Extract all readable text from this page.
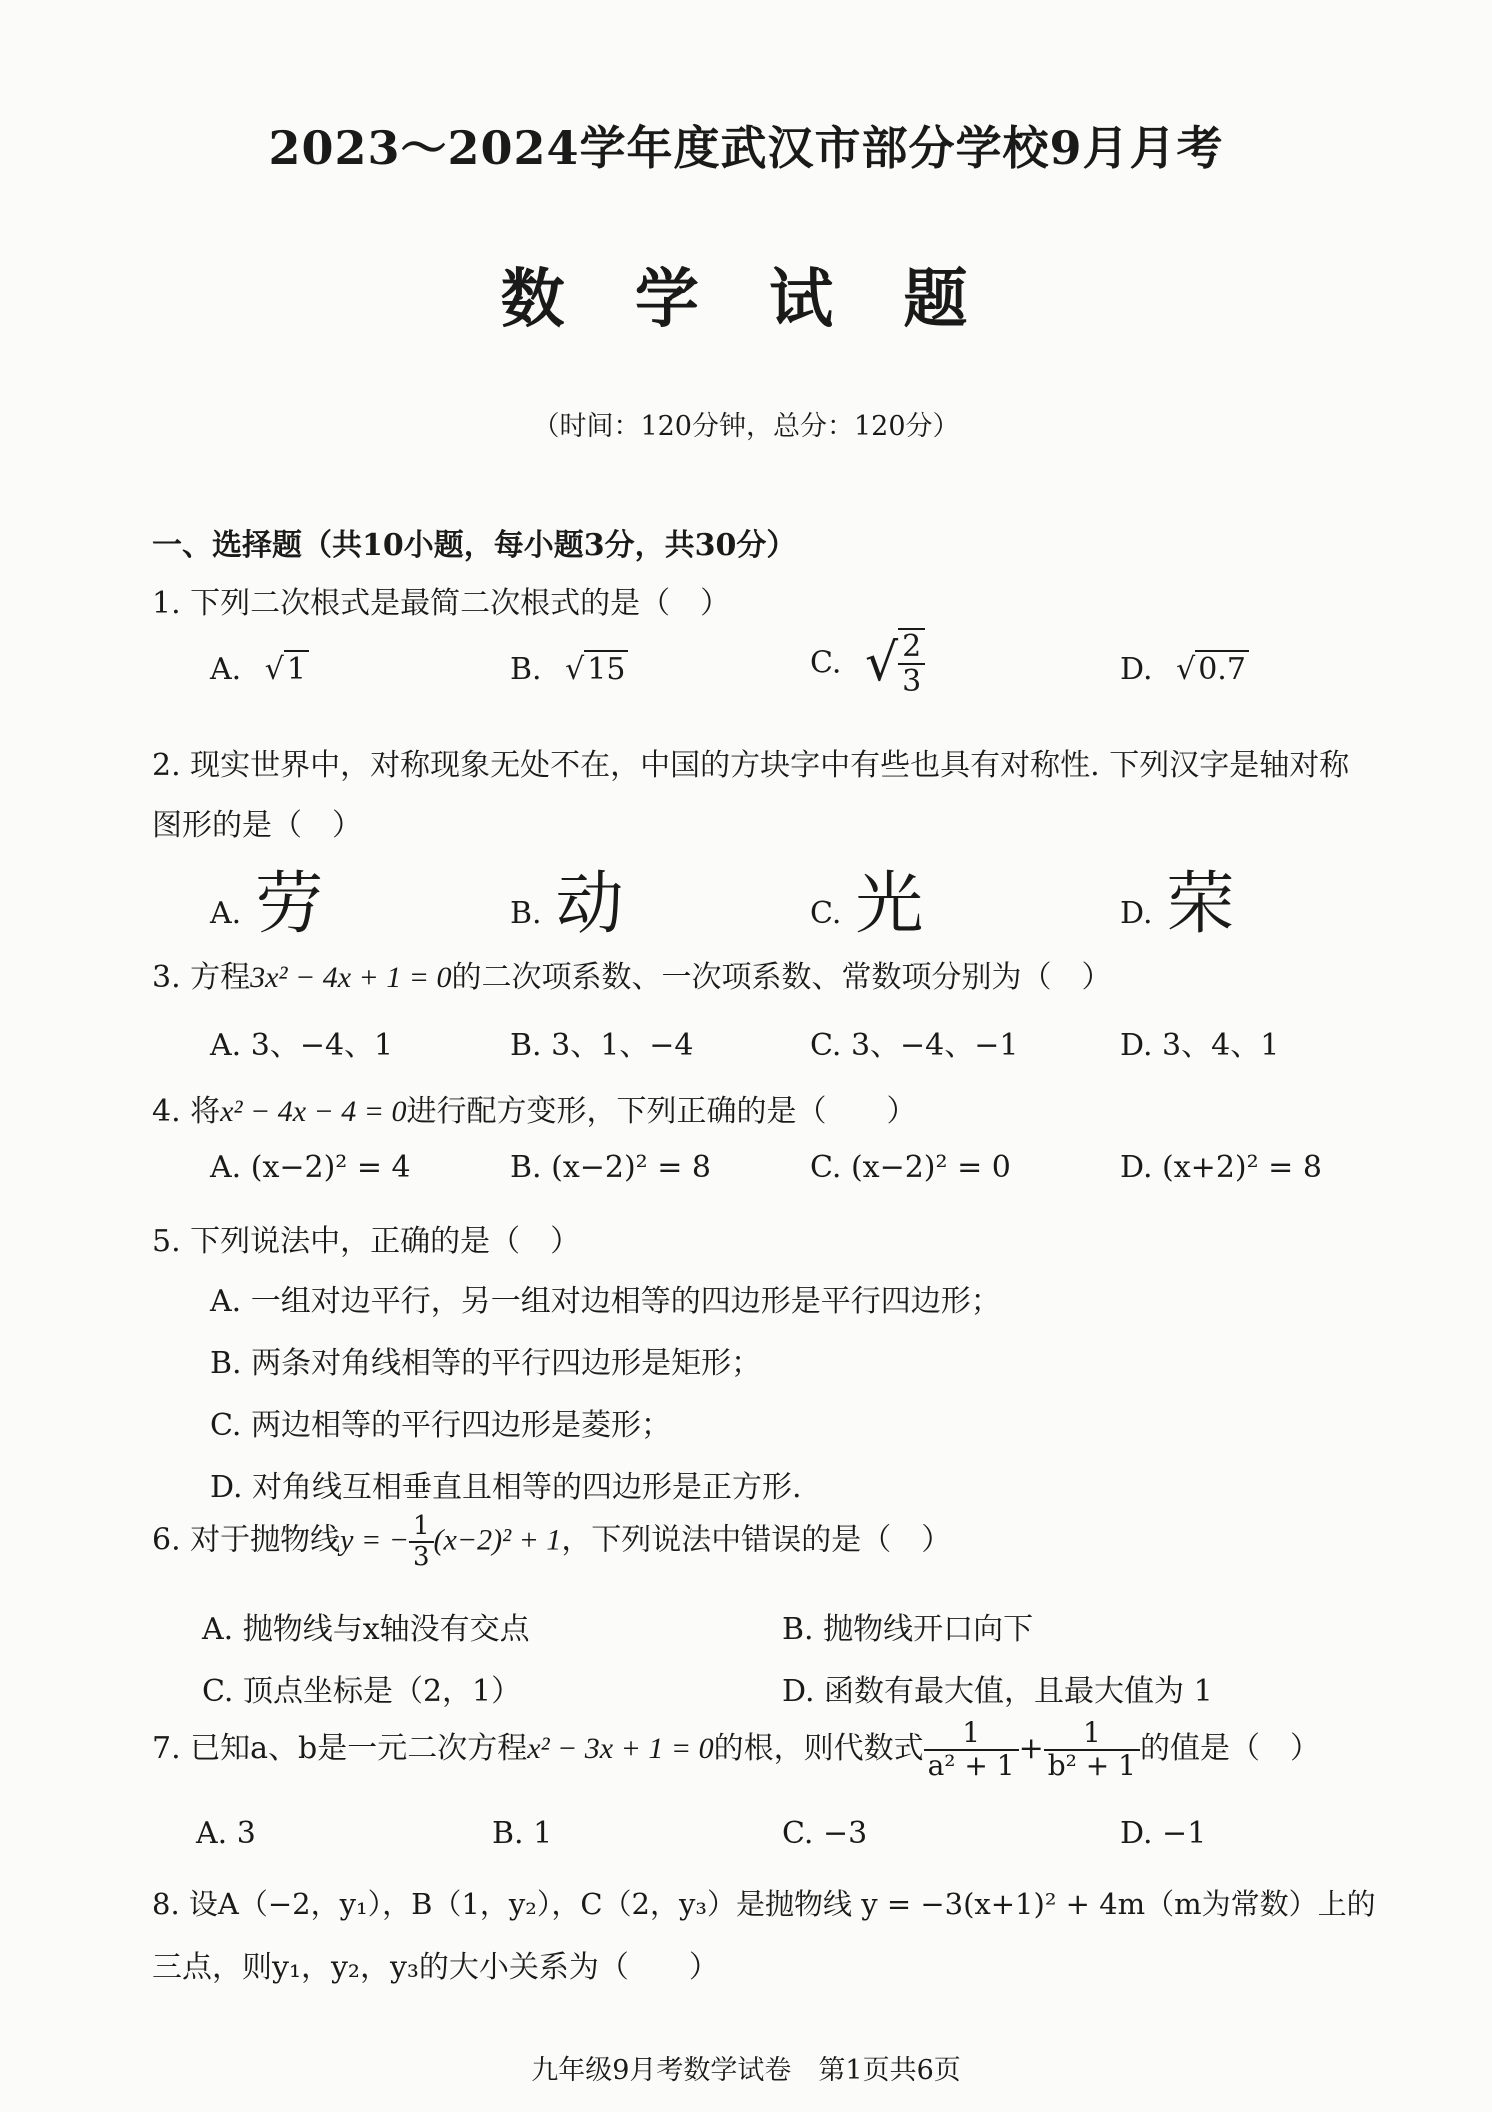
2023～2024学年度武汉市部分学校9月月考
数 学 试 题
（时间：120分钟，总分：120分）
一、选择题（共10小题，每小题3分，共30分）
1. 下列二次根式是最简二次根式的是（　）
A. √ 1	B. √ 15	C. √ $\frac{2}{3}$	D. √ 0.7
2. 现实世界中，对称现象无处不在，中国的方块字中有些也具有对称性. 下列汉字是轴对称
图形的是（　）
A. 劳	B. 动	C. 光	D. 荣
3. 方程3x² − 4x + 1 = 0的二次项系数、一次项系数、常数项分别为（　）
A. 3、−4、1	B. 3、1、−4	C. 3、−4、−1	D. 3、4、1
4. 将x² − 4x − 4 = 0进行配方变形，下列正确的是（　　）
A. (x−2)² = 4	B. (x−2)² = 8	C. (x−2)² = 0	D. (x+2)² = 8
5. 下列说法中，正确的是（　）
A. 一组对边平行，另一组对边相等的四边形是平行四边形；
B. 两条对角线相等的平行四边形是矩形；
C. 两边相等的平行四边形是菱形；
D. 对角线互相垂直且相等的四边形是正方形.
6. 对于抛物线y = − $\frac{1}{3} (x-2)^2 + 1$，下列说法中错误的是（　）
A. 抛物线与x轴没有交点	B. 抛物线开口向下
C. 顶点坐标是（2，1）	D. 函数有最大值，且最大值为 1
7. 已知a、b是一元二次方程x² − 3x + 1 = 0的根，则代数式 $\frac{1}{\text{a² + 1}} + \frac{1}{\text{b² + 1}}$ 的值是（　）
A. 3	B. 1	C. −3	D. −1
8. 设A（−2，y₁），B（1，y₂），C（2，y₃）是抛物线 y = −3(x+1)² + 4m（m为常数）上的
三点，则y₁，y₂，y₃的大小关系为（　　）
九年级9月考数学试卷　第1页共6页
